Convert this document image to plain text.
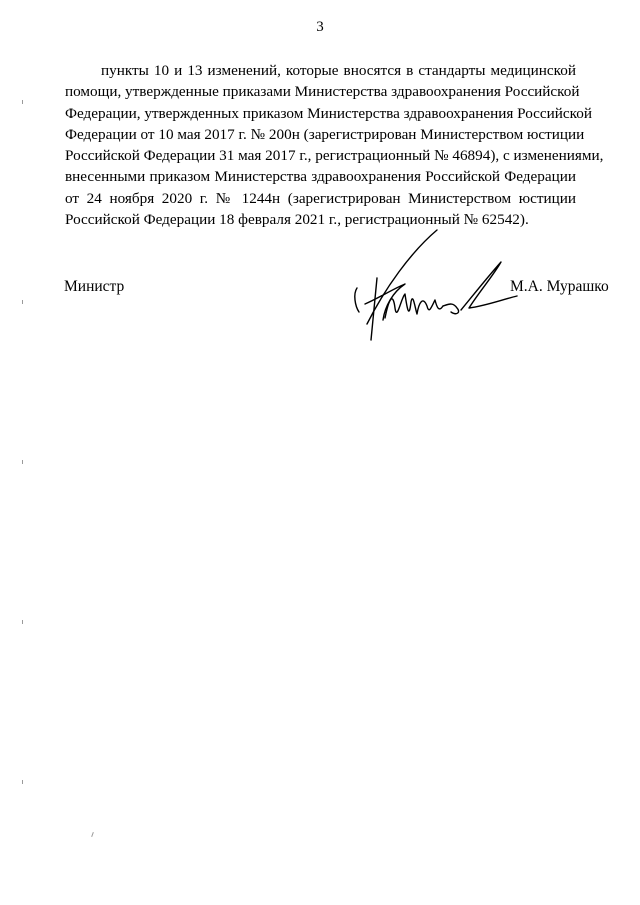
3
пункты 10 и 13 изменений, которые вносятся в стандарты медицинской
помощи, утвержденные приказами Министерства здравоохранения Российской
Федерации, утвержденных приказом Министерства здравоохранения Российской
Федерации от 10 мая 2017 г. № 200н (зарегистрирован Министерством юстиции
Российской Федерации 31 мая 2017 г., регистрационный № 46894), с изменениями,
внесенными приказом Министерства здравоохранения Российской Федерации
от 24 ноября 2020 г. № 1244н (зарегистрирован Министерством юстиции
Российской Федерации 18 февраля 2021 г., регистрационный № 62542).
Министр	М.А. Мурашко
